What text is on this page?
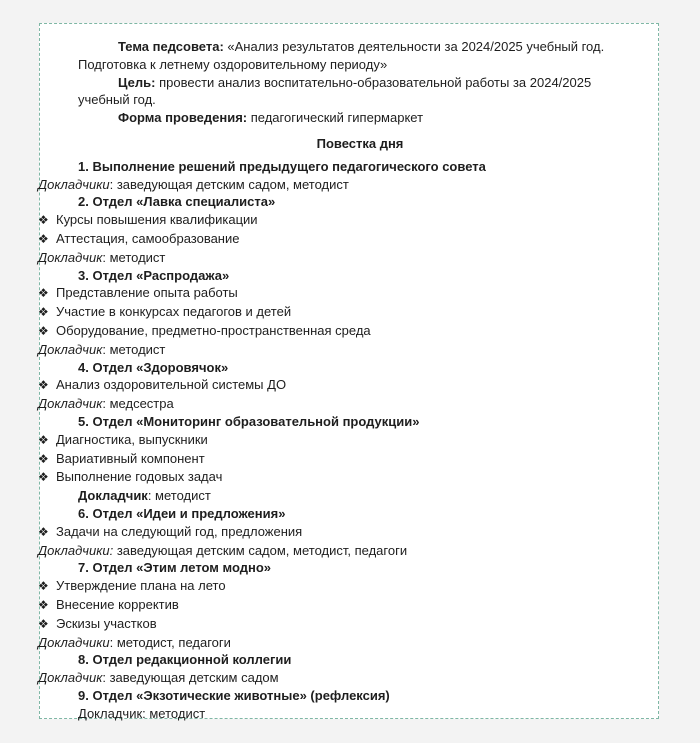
Тема педсовета: «Анализ результатов деятельности за 2024/2025 учебный год. Подготовка к летнему оздоровительному периоду»

Цель: провести анализ воспитательно-образовательной работы за 2024/2025 учебный год.

Форма проведения: педагогический гипермаркет

Повестка дня
1. Выполнение решений предыдущего педагогического совета
Докладчики: заведующая детским садом, методист
2. Отдел «Лавка специалиста»
❖ Курсы повышения квалификации
❖ Аттестация, самообразование
Докладчик: методист
3. Отдел «Распродажа»
❖ Представление опыта работы
❖ Участие в конкурсах педагогов и детей
❖ Оборудование, предметно-пространственная среда
Докладчик: методист
4. Отдел «Здоровячок»
❖ Анализ оздоровительной системы ДО
Докладчик: медсестра
5. Отдел «Мониторинг образовательной продукции»
❖ Диагностика, выпускники
❖ Вариативный компонент
❖ Выполнение годовых задач
Докладчик: методист
6. Отдел «Идеи и предложения»
❖ Задачи на следующий год, предложения
Докладчики: заведующая детским садом, методист, педагоги
7. Отдел «Этим летом модно»
❖ Утверждение плана на лето
❖ Внесение корректив
❖ Эскизы участков
Докладчики: методист, педагоги
8. Отдел редакционной коллегии
Докладчик: заведующая детским садом
9. Отдел «Экзотические животные» (рефлексия)
Докладчик: методист
